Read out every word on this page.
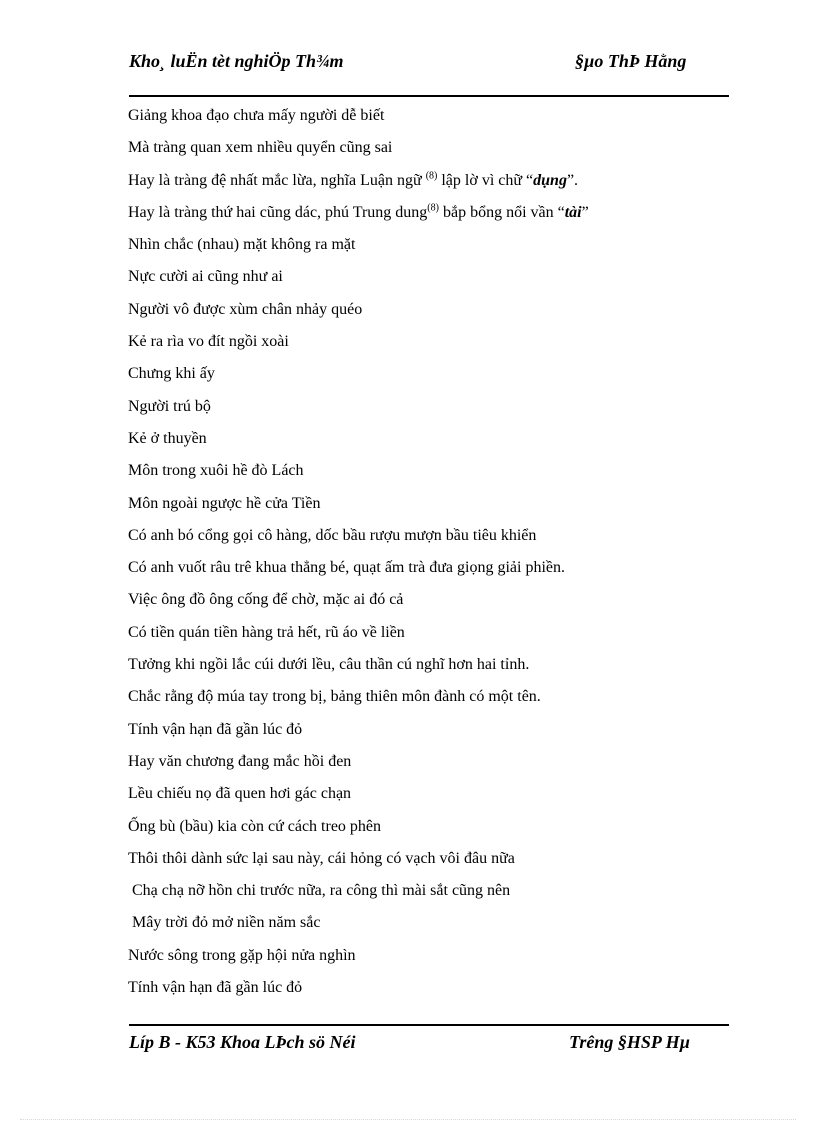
Kho¸ luËn tèt nghiÖp Th¾m	§µo ThÞ Hằng
Giảng khoa đạo chưa mấy người dễ biết
Mà tràng quan xem nhiều quyển cũng sai
Hay là tràng đệ nhất mắc lừa, nghĩa Luận ngữ $^{(8)}$ lập lờ vì chữ “dụng”.
Hay là tràng thứ hai cũng dác, phú Trung dung$^{(8)}$ bắp bổng nổi vần “tài”
Nhìn chắc (nhau) mặt không ra mặt
Nực cười ai cũng như ai
Người vô được xùm chân nhảy quéo
Kẻ ra rìa vo đít ngồi xoài
Chưng khi ấy
Người trú bộ
Kẻ ở thuyền
Môn trong xuôi hề đò Lách
Môn ngoài ngược hề cửa Tiền
Có anh bó cổng gọi cô hàng, dốc bầu rượu mượn bầu tiêu khiển
Có anh vuốt râu trê khua thẳng bé, quạt ấm trà đưa giọng giải phiền.
Việc ông đồ ông cống để chờ, mặc ai đó cả
Có tiền quán tiền hàng trả hết, rũ áo về liền
Tưởng khi ngồi lắc cúi dưới lều, câu thần cú nghĩ hơn hai tỉnh.
Chắc rằng độ múa tay trong bị, bảng thiên môn đành có một tên.
Tính vận hạn đã gần lúc đỏ
Hay văn chương đang mắc hồi đen
Lều chiếu nọ đã quen hơi gác chạn
Ống bù (bầu) kia còn cứ cách treo phên
Thôi thôi dành sức lại sau này, cái hỏng có vạch vôi đâu nữa
Chạ chạ nỡ hồn chi trước nữa, ra công thì mài sắt cũng nên
Mây trời đỏ mở niền năm sắc
Nước sông trong gặp hội nửa nghìn
Tính vận hạn đã gần lúc đỏ
Líp B - K53 Khoa LÞch sö Néi	Trêng §HSP Hµ
